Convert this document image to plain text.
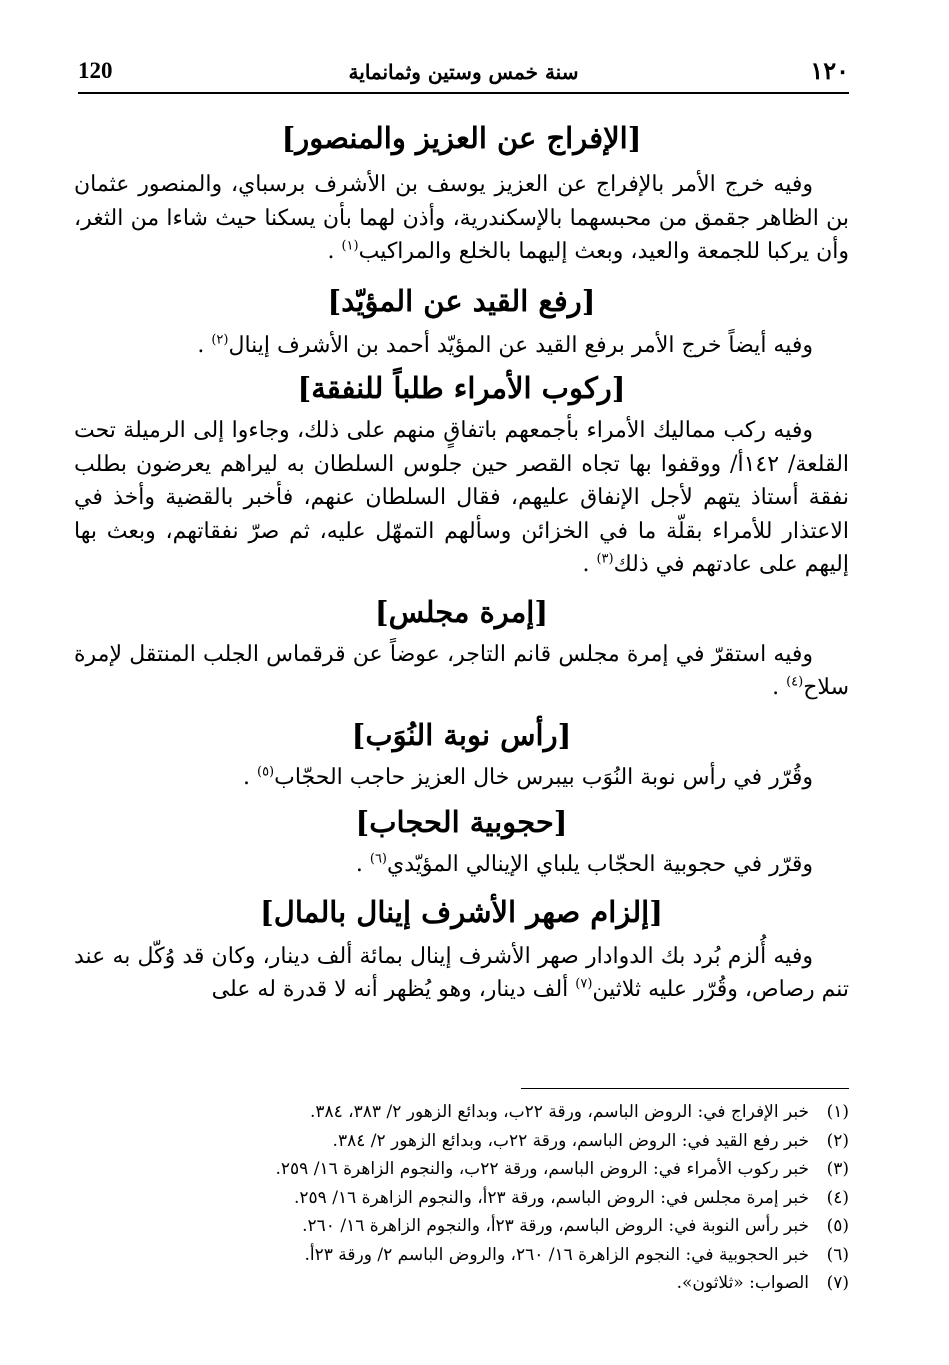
120	سنة خمس وستين وثمانماية	١٢٠
[الإفراج عن العزيز والمنصور]

وفيه خرج الأمر بالإفراج عن العزيز يوسف بن الأشرف برسباي، والمنصور عثمان بن الظاهر جقمق من محبسهما بالإسكندرية، وأذن لهما بأن يسكنا حيث شاءا من الثغر، وأن يركبا للجمعة والعيد، وبعث إليهما بالخلع والمراكيب$^{(١)}$ .

[رفع القيد عن المؤيّد]

وفيه أيضاً خرج الأمر برفع القيد عن المؤيّد أحمد بن الأشرف إينال$^{(٢)}$ .

[ركوب الأمراء طلباً للنفقة]

وفيه ركب مماليك الأمراء بأجمعهم باتفاقٍ منهم على ذلك، وجاءوا إلى الرميلة تحت القلعة/ ١٤٢أ/ ووقفوا بها تجاه القصر حين جلوس السلطان به ليراهم يعرضون بطلب نفقة أستاذ يتهم لأجل الإنفاق عليهم، فقال السلطان عنهم، فأخبر بالقضية وأخذ في الاعتذار للأمراء بقلّة ما في الخزائن وسألهم التمهّل عليه، ثم صرّ نفقاتهم، وبعث بها إليهم على عادتهم في ذلك$^{(٣)}$ .

[إمرة مجلس]

وفيه استقرّ في إمرة مجلس قانم التاجر، عوضاً عن قرقماس الجلب المنتقل لإمرة سلاح$^{(٤)}$ .

[رأس نوبة النُوَب]

وقُرّر في رأس نوبة النُوَب بيبرس خال العزيز حاجب الحجّاب$^{(٥)}$ .

[حجوبية الحجاب]

وقرّر في حجوبية الحجّاب يلباي الإينالي المؤيّدي$^{(٦)}$ .

[إلزام صهر الأشرف إينال بالمال]

وفيه أُلزم بُرد بك الدوادار صهر الأشرف إينال بمائة ألف دينار، وكان قد وُكّل به عند تنم رصاص، وقُرّر عليه ثلاثين$^{(٧)}$ ألف دينار، وهو يُظهر أنه لا قدرة له على

(١)
خبر الإفراج في: الروض الباسم، ورقة ٢٢ب، وبدائع الزهور ٢/ ٣٨٣، ٣٨٤.
(٢)
خبر رفع القيد في: الروض الباسم، ورقة ٢٢ب، وبدائع الزهور ٢/ ٣٨٤.
(٣)
خبر ركوب الأمراء في: الروض الباسم، ورقة ٢٢ب، والنجوم الزاهرة ١٦/ ٢٥٩.
(٤)
خبر إمرة مجلس في: الروض الباسم، ورقة ٢٣أ، والنجوم الزاهرة ١٦/ ٢٥٩.
(٥)
خبر رأس النوبة في: الروض الباسم، ورقة ٢٣أ، والنجوم الزاهرة ١٦/ ٢٦٠.
(٦)
خبر الحجوبية في: النجوم الزاهرة ١٦/ ٢٦٠، والروض الباسم ٢/ ورقة ٢٣أ.
(٧)
الصواب: «ثلاثون».
